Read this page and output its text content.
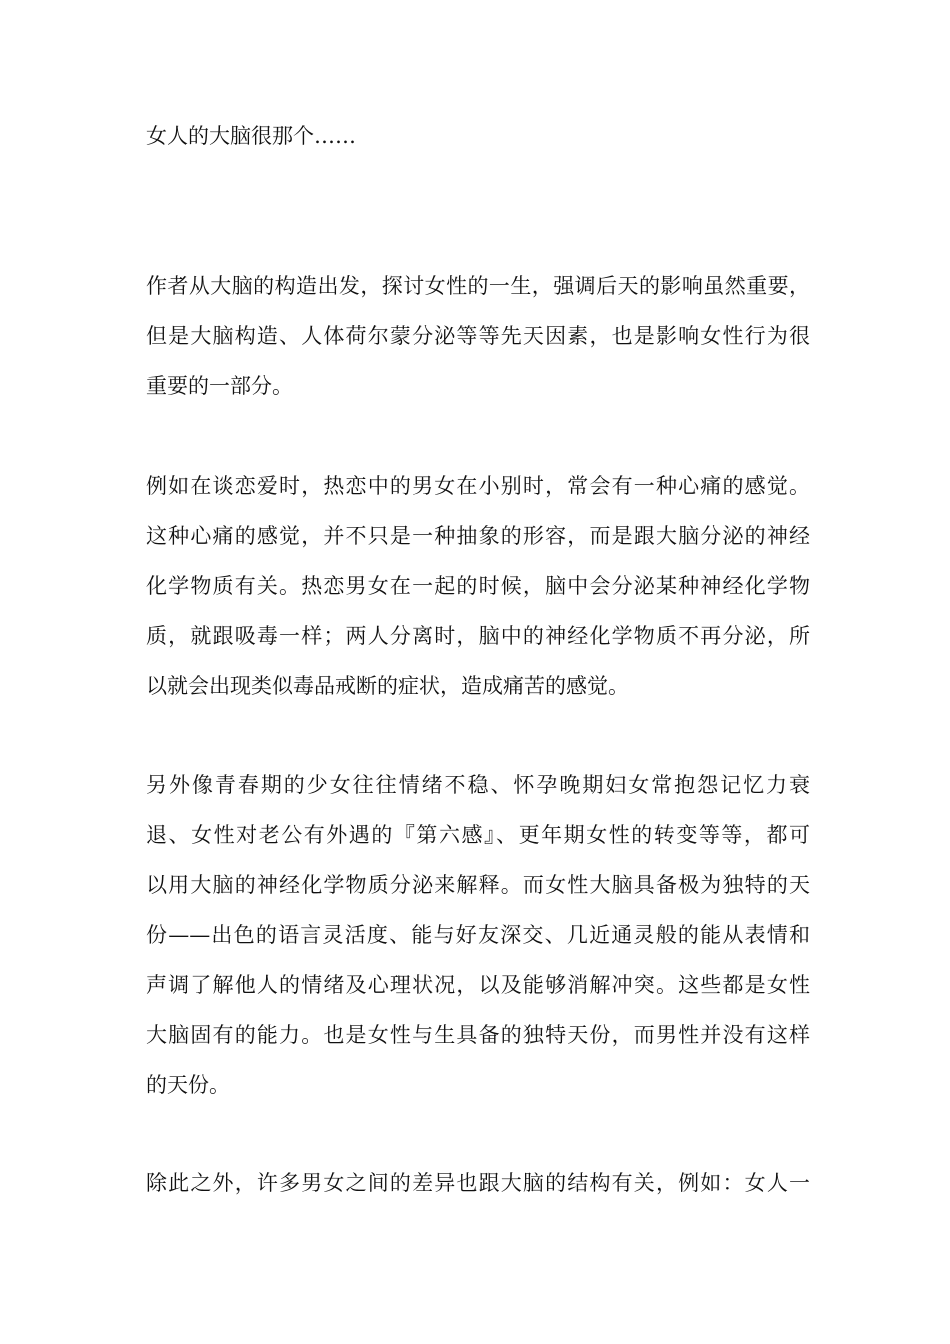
女人的大脑很那个……
作者从大脑的构造出发，探讨女性的一生，强调后天的影响虽然重要，
但是大脑构造、人体荷尔蒙分泌等等先天因素，也是影响女性行为很
重要的一部分。
例如在谈恋爱时，热恋中的男女在小别时，常会有一种心痛的感觉。
这种心痛的感觉，并不只是一种抽象的形容，而是跟大脑分泌的神经
化学物质有关。热恋男女在一起的时候，脑中会分泌某种神经化学物
质，就跟吸毒一样；两人分离时，脑中的神经化学物质不再分泌，所
以就会出现类似毒品戒断的症状，造成痛苦的感觉。
另外像青春期的少女往往情绪不稳、怀孕晚期妇女常抱怨记忆力衰
退、女性对老公有外遇的『第六感』、更年期女性的转变等等，都可
以用大脑的神经化学物质分泌来解释。而女性大脑具备极为独特的天
份——出色的语言灵活度、能与好友深交、几近通灵般的能从表情和
声调了解他人的情绪及心理状况，以及能够消解冲突。这些都是女性
大脑固有的能力。也是女性与生具备的独特天份，而男性并没有这样
的天份。
除此之外，许多男女之间的差异也跟大脑的结构有关，例如：女人一
